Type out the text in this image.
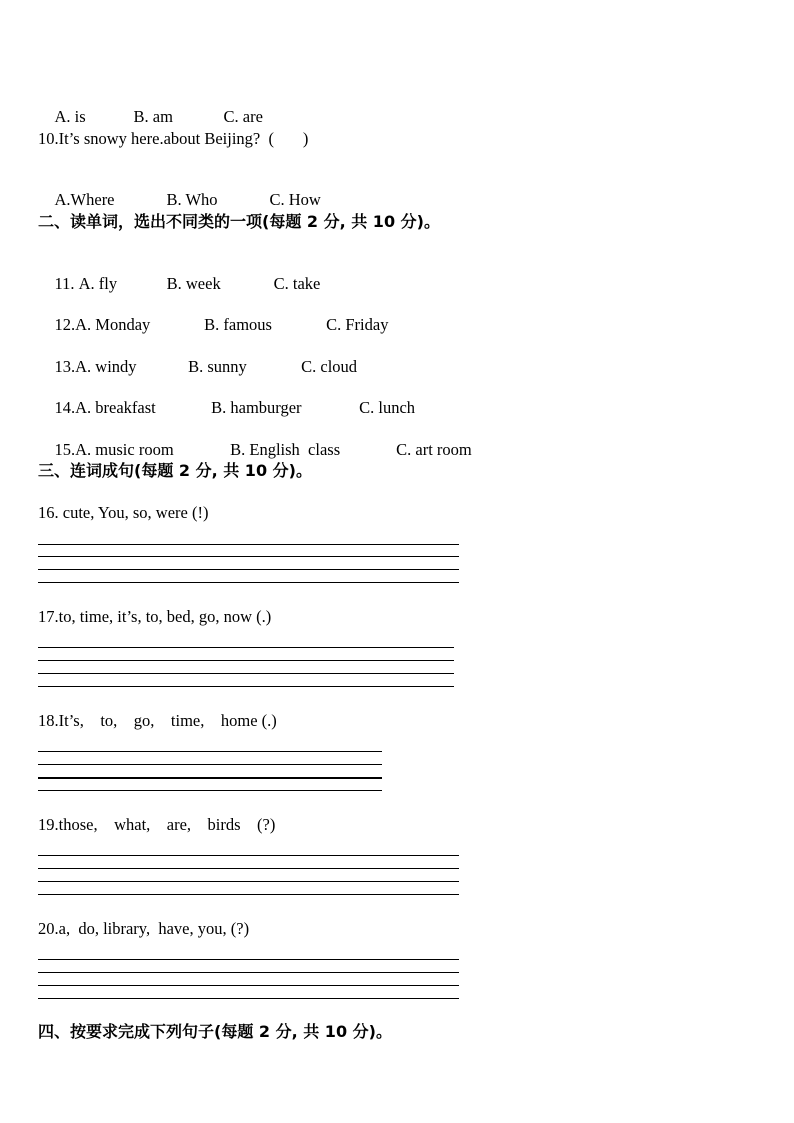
A. is	B. am	C. are

10.It’s snowy here.about Beijing?  (       )

A.Where	B. Who	C. How

二、读单词，选出不同类的一项(每题 2 分, 共 10 分)。

11. A. fly	B. week	C. take

12.A. Monday	B. famous	C. Friday

13.A. windy	B. sunny	C. cloud

14.A. breakfast	B. hamburger	C. lunch

15.A. music room	B. English  class	C. art room

三、连词成句(每题 2 分, 共 10 分)。
16. cute, You, so, were (!)
17.to, time, it’s, to, bed, go, now (.)
18.It’s,    to,    go,    time,    home (.)
19.those,    what,    are,    birds    (?)
20.a,  do, library,  have, you, (?)
四、按要求完成下列句子(每题 2 分, 共 10 分)。
